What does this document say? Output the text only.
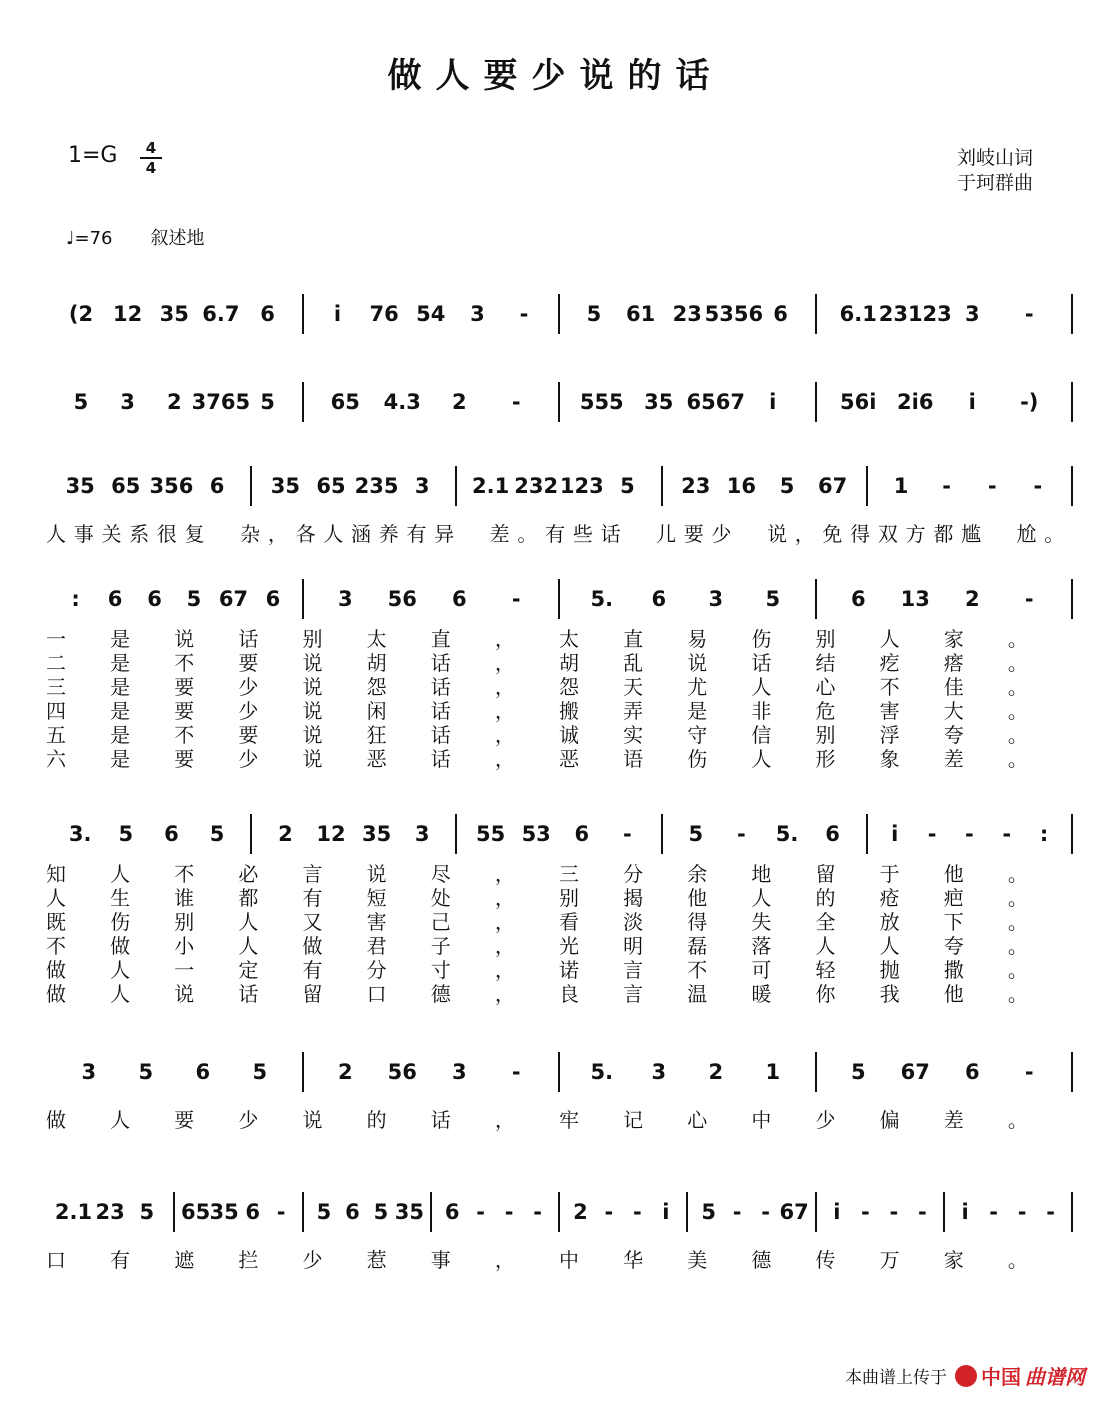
做人要少说的话
1=G	4
4	刘岐山词
于珂群曲
♩=76 叙述地
(2 12 35 6.7 6	i 76 54 3 -	5 61 23 5356 6 6.1 23123 3 -
5 3 2 3765 5	65 4.3 2 -	555 35 6567 i	56i 2i6 i -)
35 65 356 6 35 65 235 3 2.1 232 123 5 23 16 5 67 1 - - -
人 事 关 系 很 复 杂 ， 各 人 涵 养 有 异 差 。 有 些 话 儿 要 少 说 ， 免 得 双 方 都 尴 尬 。
: 6 6 5 67 6	3 56 6 -	5. 6 3 5	6 13 2 -
一 是 说 话 别 太 直 ， 太 直 易 伤 别 人 家 。
二 是 不 要 说 胡 话 ， 胡 乱 说 话 结 疙 瘩 。
三 是 要 少 说 怨 话 ， 怨 天 尤 人 心 不 佳 。
四 是 要 少 说 闲 话 ， 搬 弄 是 非 危 害 大 。
五 是 不 要 说 狂 话 ， 诚 实 守 信 别 浮 夸 。
六 是 要 少 说 恶 话 ， 恶 语 伤 人 形 象 差 。
3. 5 6 5	2 12 35 3 55 53 6 -	5 - 5. 6 i - - - :
知 人 不 必 言 说 尽 ， 三 分 余 地 留 于 他 。
人 生 谁 都 有 短 处 ， 别 揭 他 人 的 疮 疤 。
既 伤 别 人 又 害 己 ， 看 淡 得 失 全 放 下 。
不 做 小 人 做 君 子 ， 光 明 磊 落 人 人 夸 。
做 人 一 定 有 分 寸 ， 诺 言 不 可 轻 抛 撒 。
做 人 说 话 留 口 德 ， 良 言 温 暖 你 我 他 。
3 5 6 5	2 56 3 -	5. 3 2 1	5 67 6 -
做 人 要 少 说 的 话 ， 牢 记 心 中 少 偏 差 。
2.1 23 5 65 35 6 - 5 6 5 35 6 - - - 2 - - i 5 - - 67 i - - - i - - -
口 有 遮 拦 少 惹 事 ， 中 华 美 德 传 万 家 。
本曲谱上传于 中国 曲谱网
